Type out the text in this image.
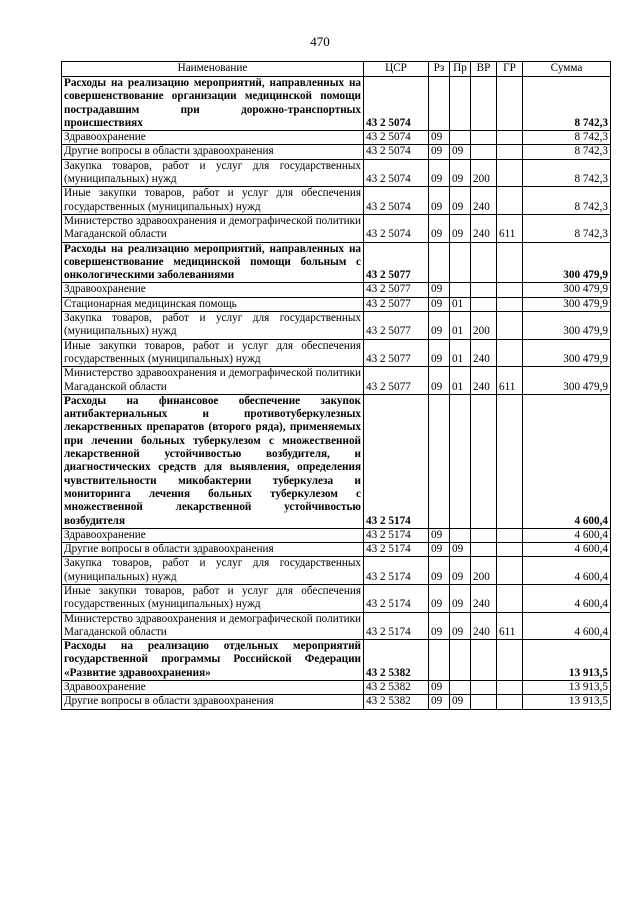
470
Наименование	ЦСР	Рз	Пр	ВР	ГР	Сумма
Расходы на реализацию мероприятий, направленных на совершенствование организации медицинской помощи пострадавшим при дорожно-транспортных происшествиях	43 2 5074					8 742,3
Здравоохранение	43 2 5074	09				8 742,3
Другие вопросы в области здравоохранения	43 2 5074	09	09			8 742,3
Закупка товаров, работ и услуг для государственных (муниципальных) нужд	43 2 5074	09	09	200		8 742,3
Иные закупки товаров, работ и услуг для обеспечения государственных (муниципальных) нужд	43 2 5074	09	09	240		8 742,3
Министерство здравоохранения и демографической политики Магаданской области	43 2 5074	09	09	240	611	8 742,3
Расходы на реализацию мероприятий, направленных на совершенствование медицинской помощи больным с онкологическими заболеваниями	43 2 5077					300 479,9
Здравоохранение	43 2 5077	09				300 479,9
Стационарная медицинская помощь	43 2 5077	09	01			300 479,9
Закупка товаров, работ и услуг для государственных (муниципальных) нужд	43 2 5077	09	01	200		300 479,9
Иные закупки товаров, работ и услуг для обеспечения государственных (муниципальных) нужд	43 2 5077	09	01	240		300 479,9
Министерство здравоохранения и демографической политики Магаданской области	43 2 5077	09	01	240	611	300 479,9
Расходы на финансовое обеспечение закупок антибактериальных и противотуберкулезных лекарственных препаратов (второго ряда), применяемых при лечении больных туберкулезом с множественной лекарственной устойчивостью возбудителя, и диагностических средств для выявления, определения чувствительности микобактерии туберкулеза и мониторинга лечения больных туберкулезом с множественной лекарственной устойчивостью возбудителя	43 2 5174					4 600,4
Здравоохранение	43 2 5174	09				4 600,4
Другие вопросы в области здравоохранения	43 2 5174	09	09			4 600,4
Закупка товаров, работ и услуг для государственных (муниципальных) нужд	43 2 5174	09	09	200		4 600,4
Иные закупки товаров, работ и услуг для обеспечения государственных (муниципальных) нужд	43 2 5174	09	09	240		4 600,4
Министерство здравоохранения и демографической политики Магаданской области	43 2 5174	09	09	240	611	4 600,4
Расходы на реализацию отдельных мероприятий государственной программы Российской Федерации «Развитие здравоохранения»	43 2 5382					13 913,5
Здравоохранение	43 2 5382	09				13 913,5
Другие вопросы в области здравоохранения	43 2 5382	09	09			13 913,5
